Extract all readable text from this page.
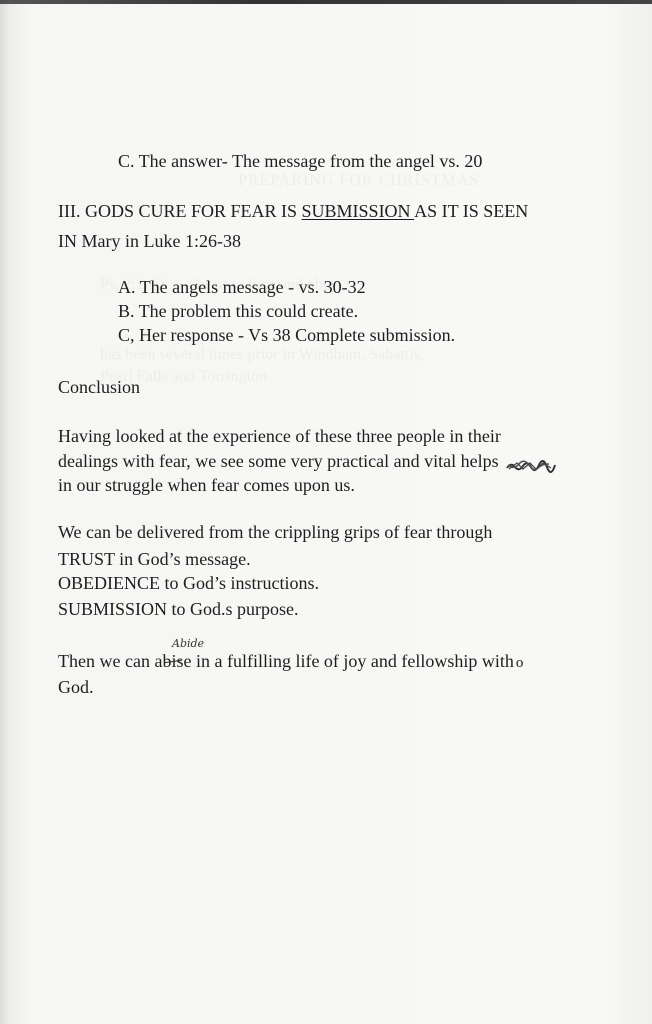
C. The answer- The message from the angel vs. 20
III. GODS CURE FOR FEAR IS SUBMISSION AS IT IS SEEN
IN Mary in Luke 1:26-38
A. The angels message - vs. 30-32
B. The problem this could create.
C, Her response - Vs 38 Complete submission.
Conclusion
Having looked at the experience of these three people in their
dealings with fear, we see some very practical and vital helps
in our struggle when fear comes upon us.
We can be delivered from the crippling grips of fear through
TRUST in God’s message.
OBEDIENCE to God’s instructions.
SUBMISSION to God.s purpose.
Abide
Then we can abis
e in a fulfilling life of joy and fellowship with o
God.
